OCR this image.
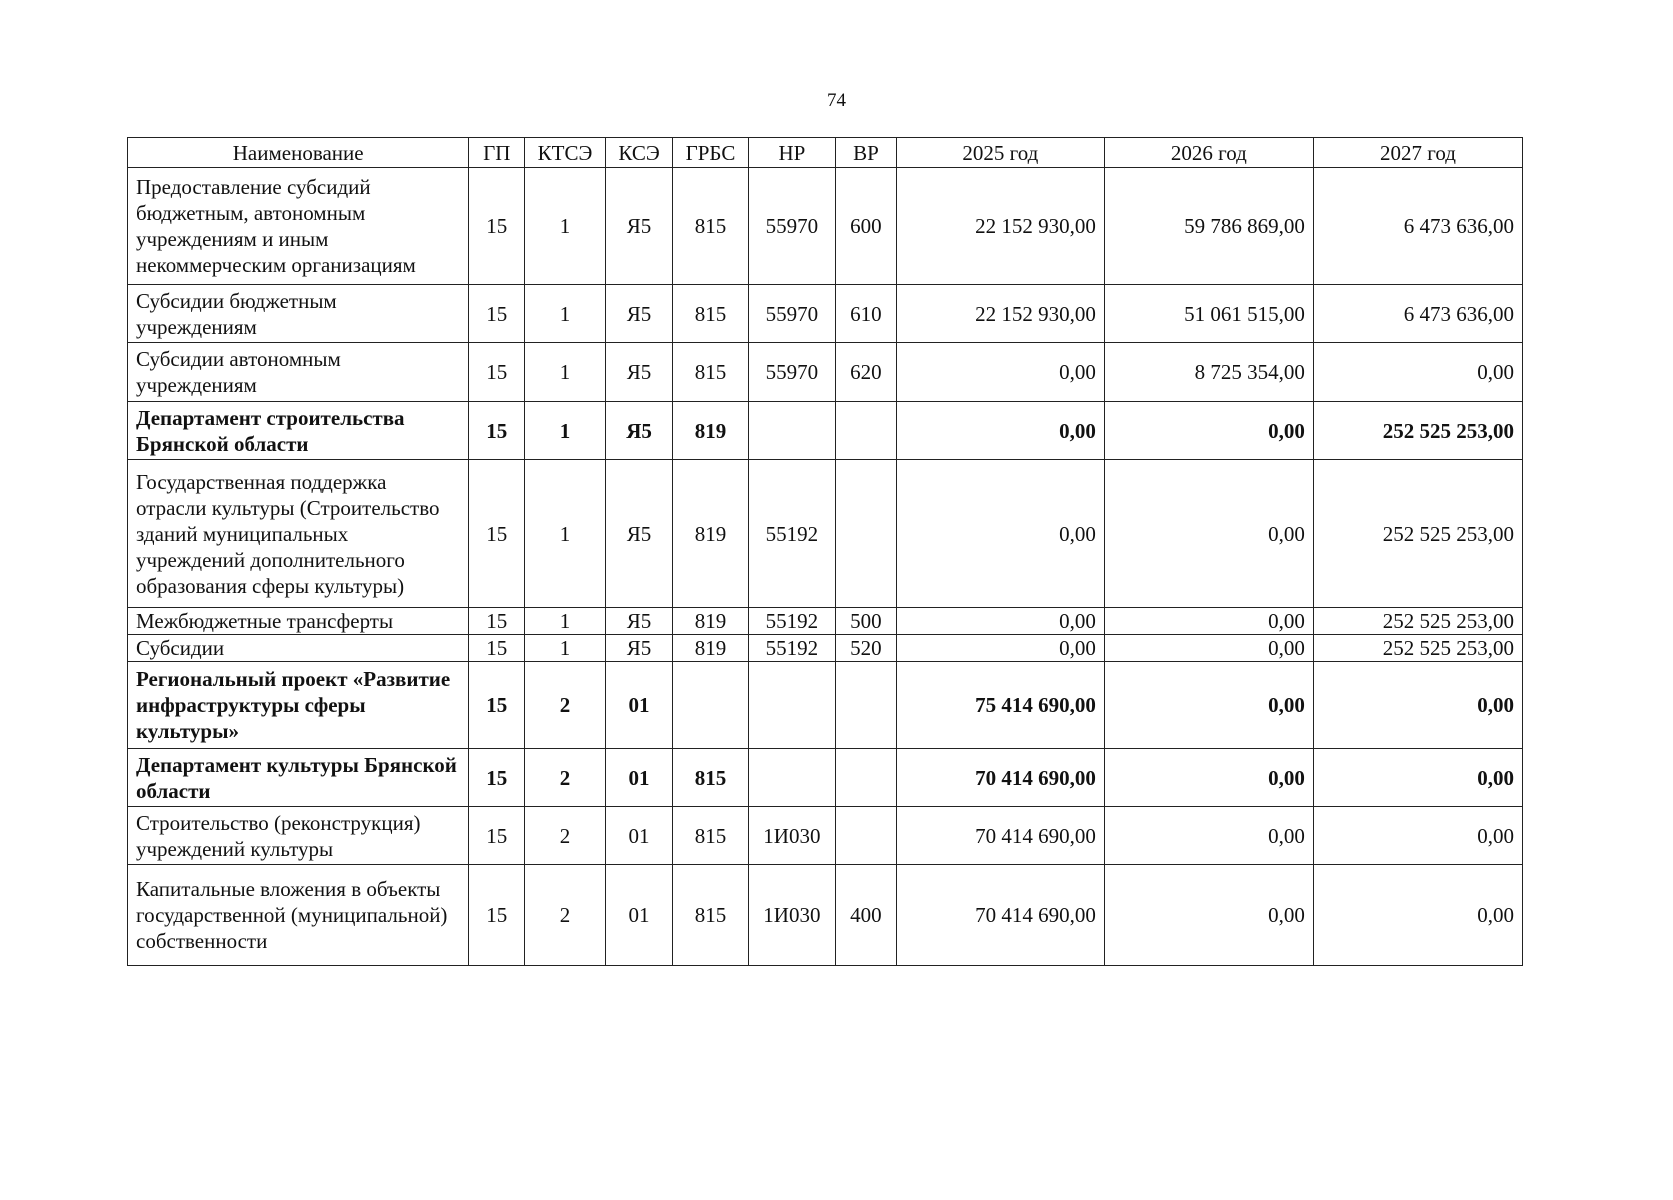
74
Наименование	ГП	КТСЭ	КСЭ	ГРБС	НР	ВР	2025 год	2026 год	2027 год
Предоставление субсидий бюджетным, автономным учреждениям и иным некоммерческим организациям	15	1	Я5	815	55970	600	22 152 930,00	59 786 869,00	6 473 636,00
Субсидии бюджетным учреждениям	15	1	Я5	815	55970	610	22 152 930,00	51 061 515,00	6 473 636,00
Субсидии автономным учреждениям	15	1	Я5	815	55970	620	0,00	8 725 354,00	0,00
Департамент строительства Брянской области	15	1	Я5	819			0,00	0,00	252 525 253,00
Государственная поддержка отрасли культуры (Строительство зданий муниципальных учреждений дополнительного образования сферы культуры)	15	1	Я5	819	55192		0,00	0,00	252 525 253,00
Межбюджетные трансферты	15	1	Я5	819	55192	500	0,00	0,00	252 525 253,00
Субсидии	15	1	Я5	819	55192	520	0,00	0,00	252 525 253,00
Региональный проект «Развитие инфраструктуры сферы культуры»	15	2	01				75 414 690,00	0,00	0,00
Департамент культуры Брянской области	15	2	01	815			70 414 690,00	0,00	0,00
Строительство (реконструкция) учреждений культуры	15	2	01	815	1И030		70 414 690,00	0,00	0,00
Капитальные вложения в объекты государственной (муниципальной) собственности	15	2	01	815	1И030	400	70 414 690,00	0,00	0,00
